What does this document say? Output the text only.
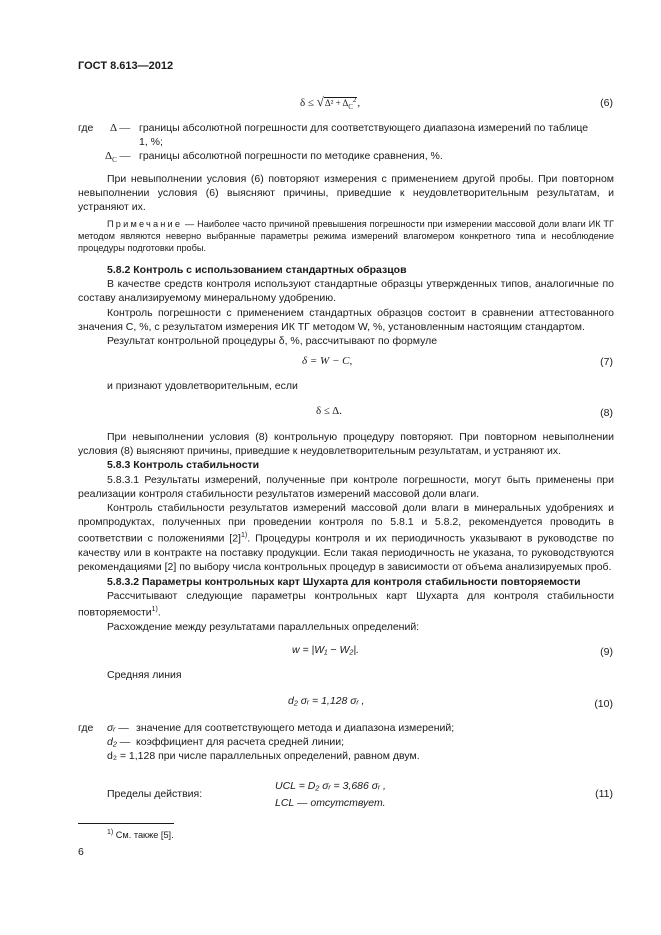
ГОСТ 8.613—2012
$\delta \le √\Delta^2 + \Delta_C^2$,	(6)
где Δ — границы абсолютной погрешности для соответствующего диапазона измерений по таблице
1, %;
$\Delta_C$ — границы абсолютной погрешности по методике сравнения, %.

При невыполнении условия (6) повторяют измерения с применением другой пробы. При повторном невыполнении условия (6) выясняют причины, приведшие к неудовлетворительным результатам, и устраняют их.

Примечание — Наиболее часто причиной превышения погрешности при измерении массовой доли влаги ИК ТГ методом являются неверно выбранные параметры режима измерений влагомером конкретного типа и несоблюдение процедуры подготовки пробы.

5.8.2 Контроль с использованием стандартных образцов

В качестве средств контроля используют стандартные образцы утвержденных типов, аналогичные по составу анализируемому минеральному удобрению.

Контроль погрешности с применением стандартных образцов состоит в сравнении аттестованного значения C, %, с результатом измерения ИК ТГ методом W, %, установленным настоящим стандартом.

Результат контрольной процедуры δ, %, рассчитывают по формуле

δ = W − C,	(7)
и признают удовлетворительным, если
δ ≤ Δ.	(8)

При невыполнении условия (8) контрольную процедуру повторяют. При повторном невыполнении условия (8) выясняют причины, приведшие к неудовлетворительным результатам, и устраняют их.

5.8.3 Контроль стабильности

5.8.3.1 Результаты измерений, полученные при контроле погрешности, могут быть применены при реализации контроля стабильности результатов измерений массовой доли влаги.

Контроль стабильности результатов измерений массовой доли влаги в минеральных удобрениях и промпродуктах, полученных при проведении контроля по 5.8.1 и 5.8.2, рекомендуется проводить в соответствии с положениями $[2]^{1)}$. Процедуры контроля и их периодичность указывают в руководстве по качеству или в контракте на поставку продукции. Если такая периодичность не указана, то руководствуются рекомендациями [2] по выбору числа контрольных процедур в зависимости от объема анализируемых проб.

5.8.3.2 Параметры контрольных карт Шухарта для контроля стабильности повторяемости

Рассчитывают следующие параметры контрольных карт Шухарта для контроля стабильности повторяемости$^{1)}$.

Расхождение между результатами параллельных определений:

w = |W₁ − W₂|.	(9)
Средняя линия
d₂ σᵣ = 1,128 σᵣ ,	(10)
где σᵣ — значение для соответствующего метода и диапазона измерений;
d₂ — коэффициент для расчета средней линии;
d₂ = 1,128 при числе параллельных определений, равном двум.
Пределы действия:
UCL = D₂ σᵣ = 3,686 σᵣ ,
LCL — отсутствует.
(11)
$^{1)}$ См. также [5].
6
